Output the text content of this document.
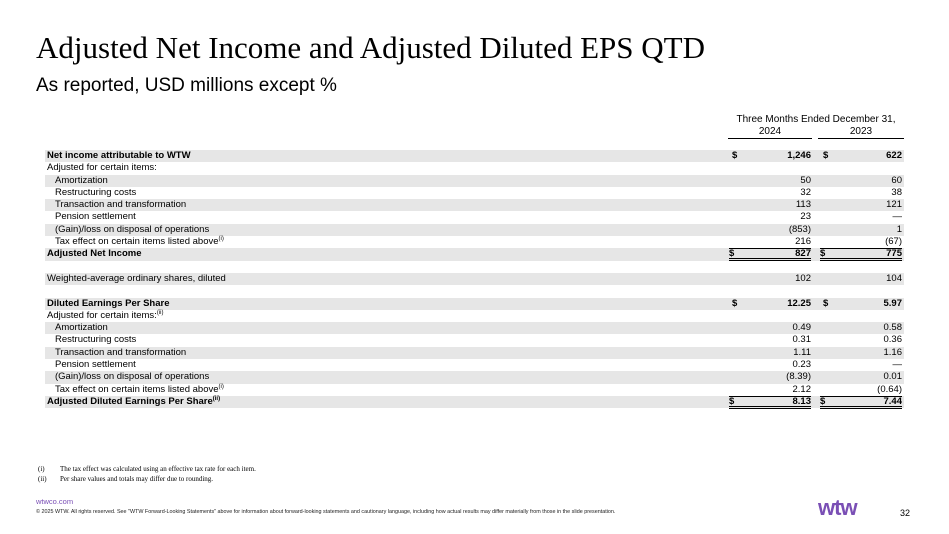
Adjusted Net Income and Adjusted Diluted EPS QTD
As reported, USD millions except %
Three Months Ended December 31,
2024	2023
Net income attributable to WTW	$	1,246 $	622
Adjusted for certain items:
Amortization	50	60
Restructuring costs	32	38
Transaction and transformation	113	121
Pension settlement	23	—
(Gain)/loss on disposal of operations	(853)	1
Tax effect on certain items listed above$^{(i)}$	216	(67)
Adjusted Net Income	$	827 $	775
Weighted-average ordinary shares, diluted	102	104
Diluted Earnings Per Share	$	12.25 $	5.97
Adjusted for certain items:$^{(ii)}$
Amortization	0.49	0.58
Restructuring costs	0.31	0.36
Transaction and transformation	1.11	1.16
Pension settlement	0.23	—
(Gain)/loss on disposal of operations	(8.39)	0.01
Tax effect on certain items listed above$^{(i)}$	2.12	(0.64)
Adjusted Diluted Earnings Per Share$^{(ii)}$	$	8.13 $	7.44
(i) The tax effect was calculated using an effective tax rate for each item.
(ii) Per share values and totals may differ due to rounding.
wtwco.com
© 2025 WTW. All rights reserved. See "WTW Forward-Looking Statements" above for information about forward-looking statements and cautionary language, including how actual results may differ materially from those in the slide presentation.	wtw	32
